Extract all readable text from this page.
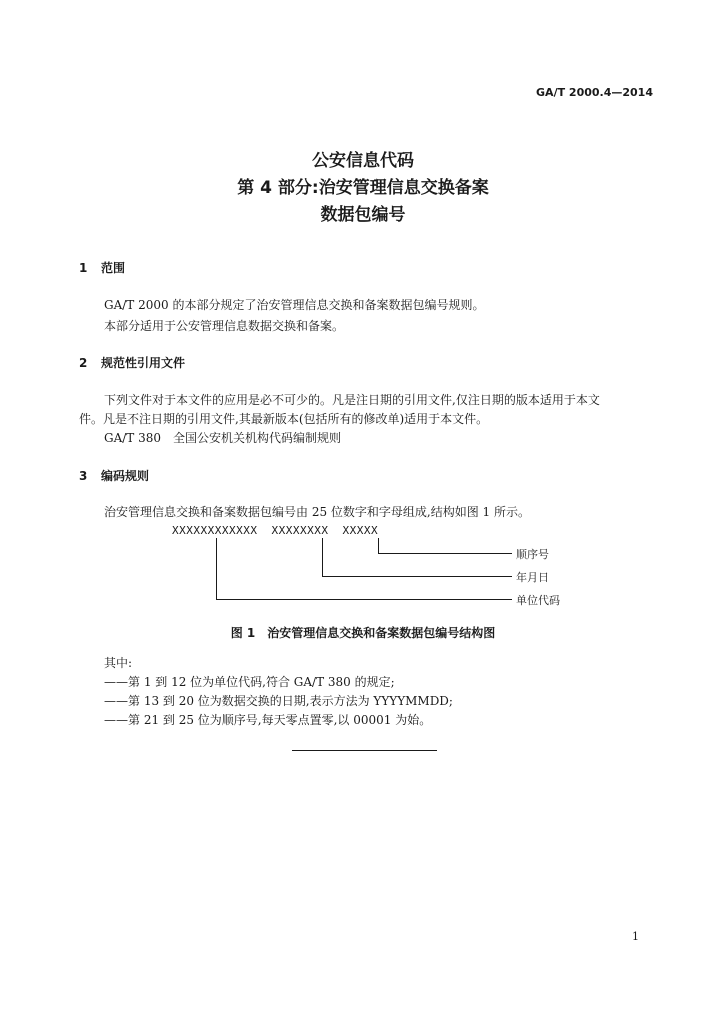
GA/T 2000.4—2014
公安信息代码
第 4 部分:治安管理信息交换备案
数据包编号
1 范围
GA/T 2000 的本部分规定了治安管理信息交换和备案数据包编号规则。
本部分适用于公安管理信息数据交换和备案。
2 规范性引用文件
下列文件对于本文件的应用是必不可少的。凡是注日期的引用文件,仅注日期的版本适用于本文
件。凡是不注日期的引用文件,其最新版本(包括所有的修改单)适用于本文件。
GA/T 380　全国公安机关机构代码编制规则
3 编码规则
治安管理信息交换和备案数据包编号由 25 位数字和字母组成,结构如图 1 所示。
XXXXXXXXXXXX XXXXXXXX XXXXX
顺序号
年月日
单位代码
图 1　治安管理信息交换和备案数据包编号结构图
其中:
——第 1 到 12 位为单位代码,符合 GA/T 380 的规定;
——第 13 到 20 位为数据交换的日期,表示方法为 YYYYMMDD;
——第 21 到 25 位为顺序号,每天零点置零,以 00001 为始。
1
